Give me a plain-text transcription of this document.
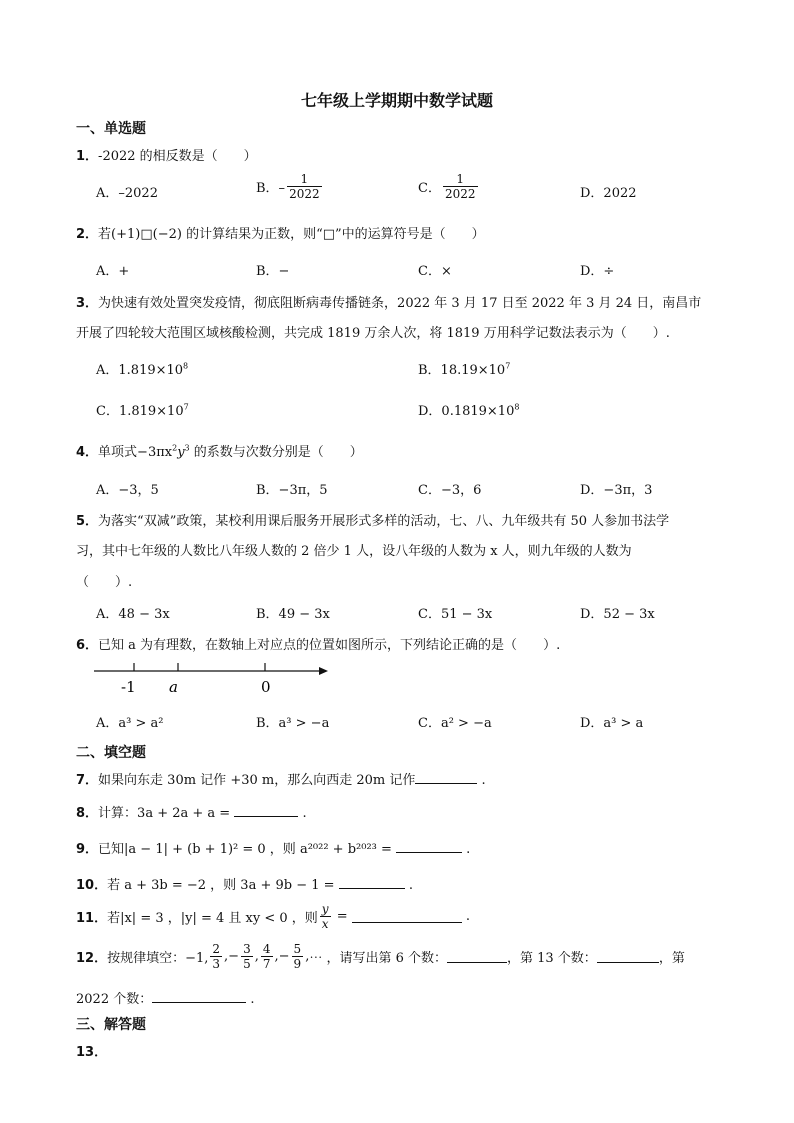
七年级上学期期中数学试题
一、单选题
1．-2022 的相反数是（　　）
A．–2022	B．– $\frac{1}{2022}$	C． $\frac{1}{2022}$	D．2022
2．若(+1)□(−2) 的计算结果为正数，则“□”中的运算符号是（　　）
A．+	B．−	C．×	D．÷
3．为快速有效处置突发疫情，彻底阻断病毒传播链条，2022 年 3 月 17 日至 2022 年 3 月 24 日，南昌市
开展了四轮较大范围区域核酸检测，共完成 1819 万余人次，将 1819 万用科学记数法表示为（　　）.
A．$1.819\times 10^8$	B．$18.19\times 10^7$
C．$1.819\times 10^7$	D．$0.1819\times 10^8$
4．单项式$-3\pi x^2y^3$ 的系数与次数分别是（　　）
A．−3，5	B．−3π，5	C．−3，6	D．−3π，3
5．为落实“双减”政策，某校利用课后服务开展形式多样的活动，七、八、九年级共有 50 人参加书法学
习，其中七年级的人数比八年级人数的 2 倍少 1 人，设八年级的人数为 x 人，则九年级的人数为
（　　）.
A．48 − 3x	B．49 − 3x	C．51 − 3x	D．52 − 3x
6．已知 a 为有理数，在数轴上对应点的位置如图所示，下列结论正确的是（　　）.
-1 a	0
A．a³ > a²	B．a³ > −a	C．a² > −a	D．a³ > a
二、填空题
7．如果向东走 30m 记作 +30 m，那么向西走 20m 记作	.
8．计算：3a + 2a + a =	.
9．已知|a − 1| + (b + 1)² = 0 ，则 a²⁰²² + b²⁰²³ =	.
10．若 a + 3b = −2 ，则 3a + 9b − 1 =	.
11．若|x| = 3 ，|y| = 4 且 xy < 0 ，则 $\frac{y}{x}$ =	.
12．按规律填空：−1, $\frac{2}{3}$ ,− $\frac{3}{5}$ , $\frac{4}{7}$ ,− $\frac{5}{9}$ ,⋯ ，请写出第 6 个数：	，第 13 个数：	，第
2022 个数：	.
三、解答题
13．
